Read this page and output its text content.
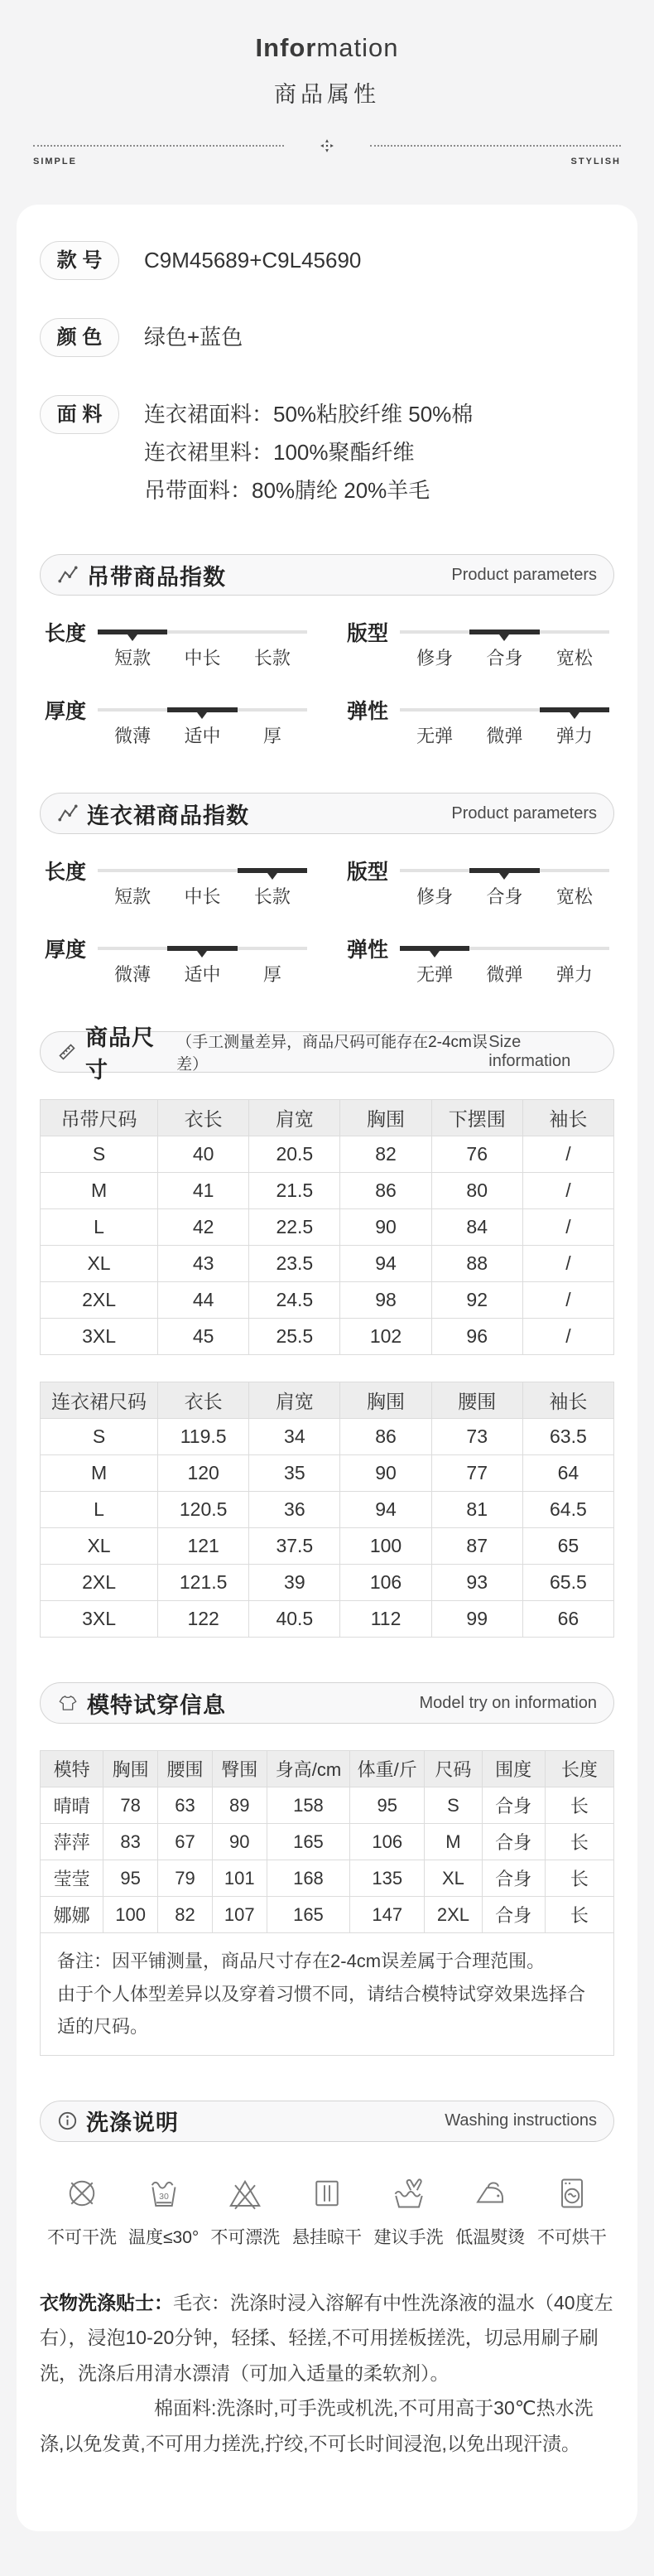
Information
商品属性
SIMPLE	STYLISH
款 号	C9M45689+C9L45690
颜 色	绿色+蓝色
面 料	连衣裙面料：50%粘胶纤维 50%棉
连衣裙里料：100%聚酯纤维
吊带面料：80%腈纶 20%羊毛
吊带商品指数	Product parameters
长度
短款	中长	长款
版型
修身	合身	宽松
厚度
微薄	适中	厚
弹性
无弹	微弹	弹力
连衣裙商品指数	Product parameters
长度
短款	中长	长款
版型
修身	合身	宽松
厚度
微薄	适中	厚
弹性
无弹	微弹	弹力
商品尺寸
（手工测量差异，商品尺码可能存在2-4cm误差）
Size information
吊带尺码	衣长	肩宽	胸围	下摆围	袖长
S	40	20.5	82	76	/
M	41	21.5	86	80	/
L	42	22.5	90	84	/
XL	43	23.5	94	88	/
2XL	44	24.5	98	92	/
3XL	45	25.5	102	96	/
连衣裙尺码	衣长	肩宽	胸围	腰围	袖长
S	119.5	34	86	73	63.5
M	120	35	90	77	64
L	120.5	36	94	81	64.5
XL	121	37.5	100	87	65
2XL	121.5	39	106	93	65.5
3XL	122	40.5	112	99	66
模特试穿信息	Model try on information
模特	胸围	腰围	臀围	身高/cm	体重/斤	尺码	围度	长度
晴晴	78	63	89	158	95	S	合身	长
萍萍	83	67	90	165	106	M	合身	长
莹莹	95	79	101	168	135	XL	合身	长
娜娜	100	82	107	165	147	2XL	合身	长

备注：因平铺测量，商品尺寸存在2-4cm误差属于合理范围。
由于个人体型差异以及穿着习惯不同，请结合模特试穿效果选择合适的尺码。								
洗涤说明	Washing instructions
不可干洗
30
温度≤30° 不可漂洗 悬挂晾干 建议手洗 低温熨烫 不可烘干

衣物洗涤贴士：毛衣：洗涤时浸入溶解有中性洗涤液的温水（40度左右），浸泡10-20分钟，轻揉、轻搓,不可用搓板搓洗，切忌用刷子刷洗，洗涤后用清水漂清（可加入适量的柔软剂）。

棉面料:洗涤时,可手洗或机洗,不可用高于30℃热水洗涤,以免发黄,不可用力搓洗,拧绞,不可长时间浸泡,以免出现汗渍。
